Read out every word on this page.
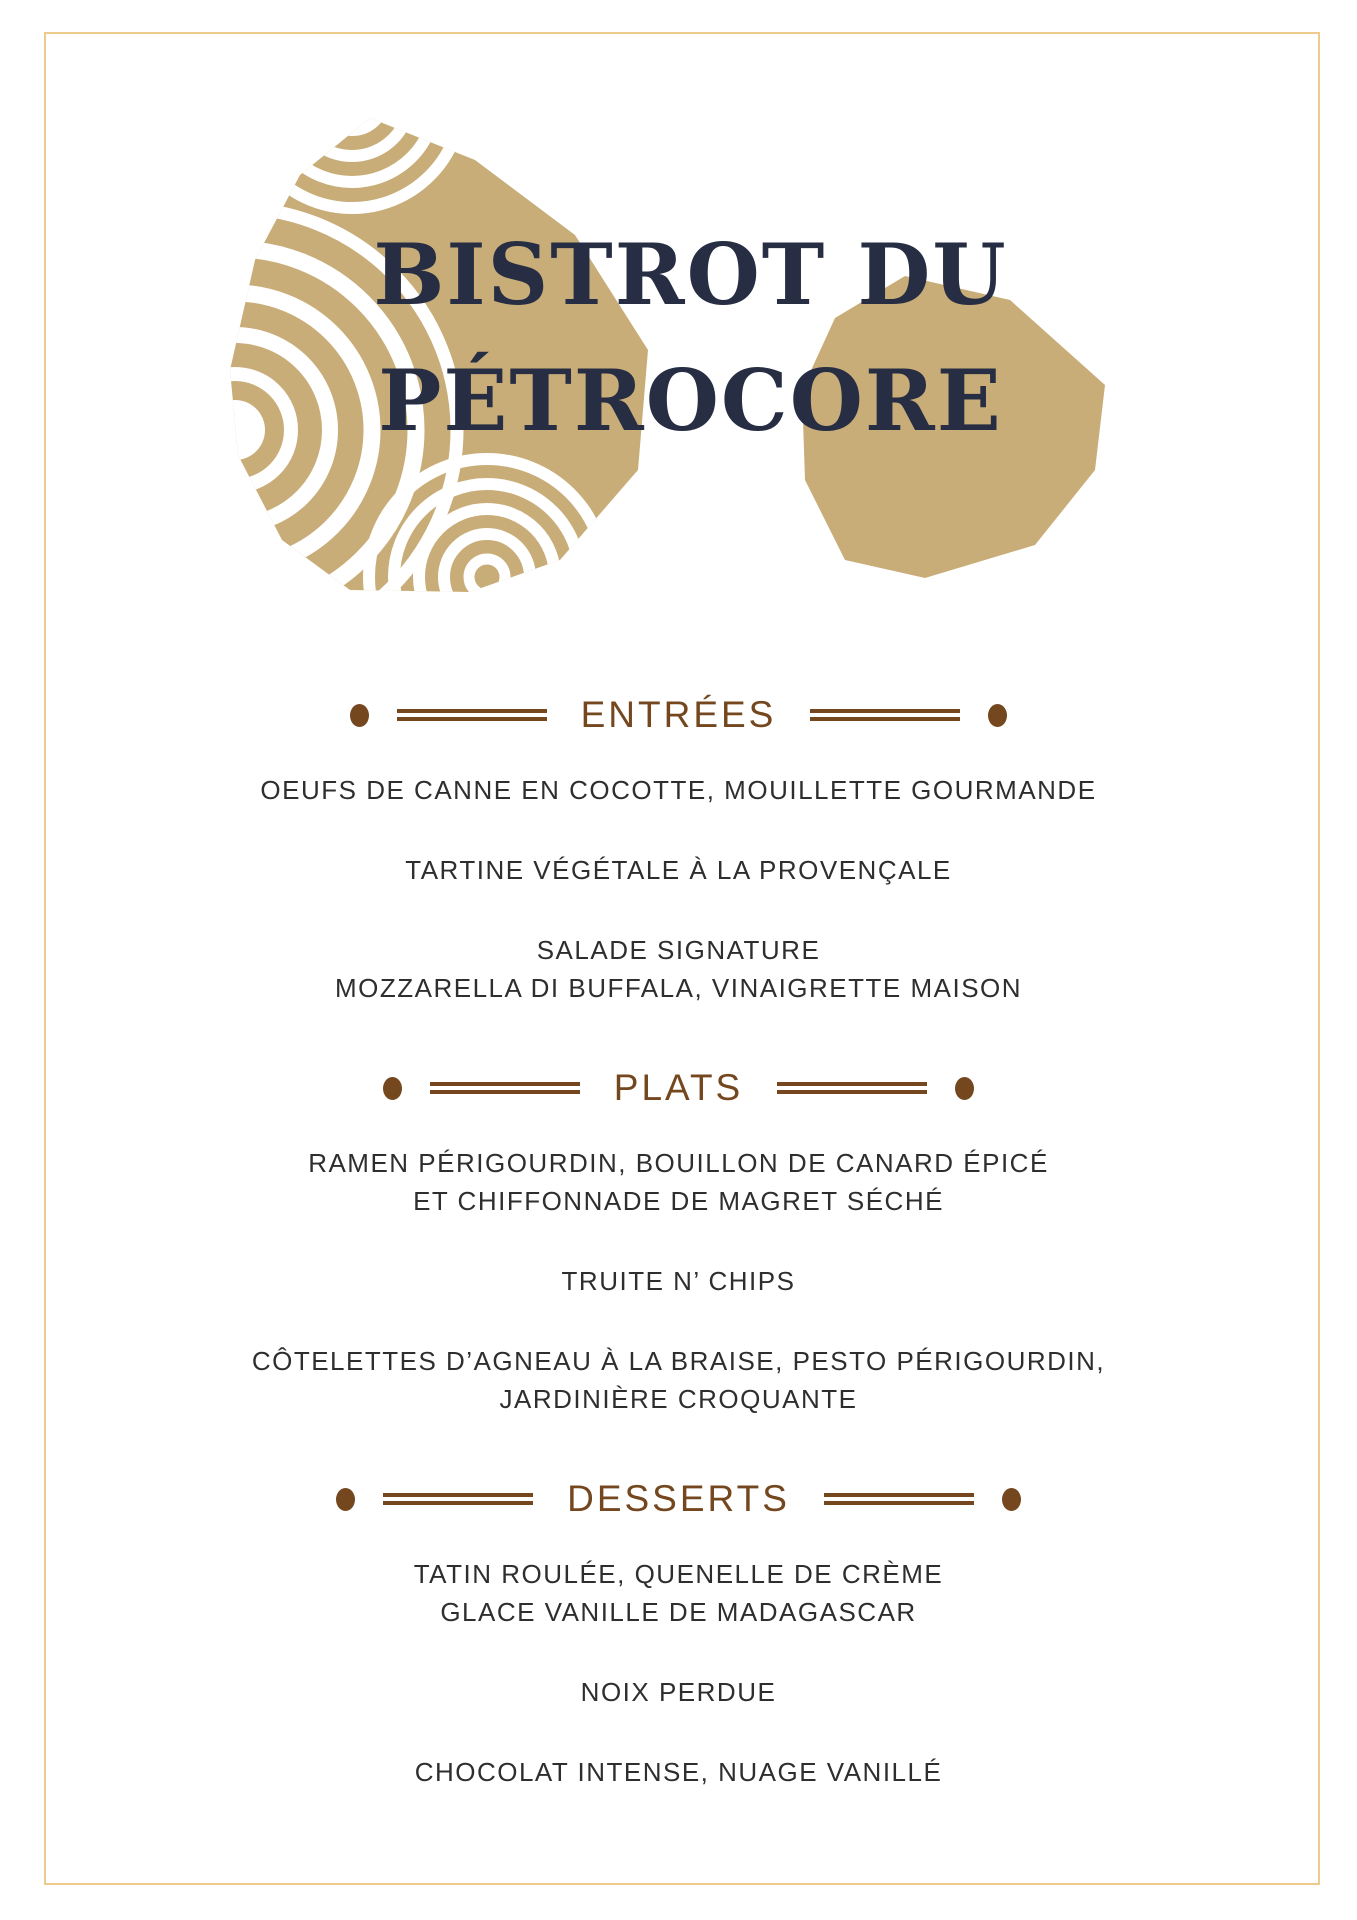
BISTROT DU
PÉTROCORE
ENTRÉES
OEUFS DE CANNE EN COCOTTE, MOUILLETTE GOURMANDE
TARTINE VÉGÉTALE À LA PROVENÇALE
SALADE SIGNATURE
MOZZARELLA DI BUFFALA, VINAIGRETTE MAISON
PLATS
RAMEN PÉRIGOURDIN, BOUILLON DE CANARD ÉPICÉ
ET CHIFFONNADE DE MAGRET SÉCHÉ
TRUITE N’ CHIPS
CÔTELETTES D’AGNEAU À LA BRAISE, PESTO PÉRIGOURDIN,
JARDINIÈRE CROQUANTE
DESSERTS
TATIN ROULÉE, QUENELLE DE CRÈME
GLACE VANILLE DE MADAGASCAR
NOIX PERDUE
CHOCOLAT INTENSE, NUAGE VANILLÉ
